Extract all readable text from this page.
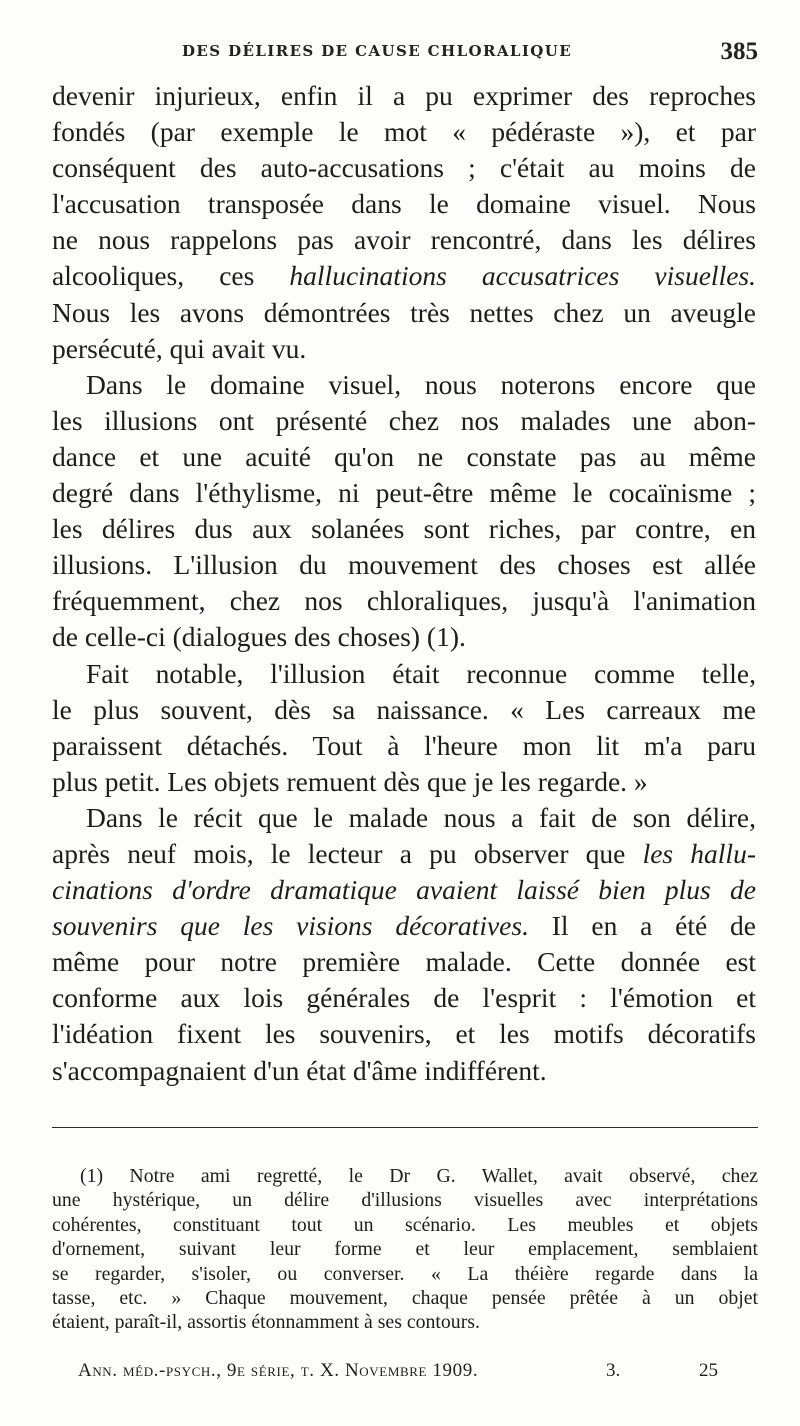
DES DÉLIRES DE CAUSE CHLORALIQUE	385
devenir injurieux, enfin il a pu exprimer des reproches
fondés (par exemple le mot « pédéraste »), et par
conséquent des auto-accusations ; c'était au moins de
l'accusation transposée dans le domaine visuel. Nous
ne nous rappelons pas avoir rencontré, dans les délires
alcooliques, ces hallucinations accusatrices visuelles.
Nous les avons démontrées très nettes chez un aveugle
persécuté, qui avait vu.
Dans le domaine visuel, nous noterons encore que
les illusions ont présenté chez nos malades une abon-
dance et une acuité qu'on ne constate pas au même
degré dans l'éthylisme, ni peut-être même le cocaïnisme ;
les délires dus aux solanées sont riches, par contre, en
illusions. L'illusion du mouvement des choses est allée
fréquemment, chez nos chloraliques, jusqu'à l'animation
de celle-ci (dialogues des choses) (1).
Fait notable, l'illusion était reconnue comme telle,
le plus souvent, dès sa naissance. « Les carreaux me
paraissent détachés. Tout à l'heure mon lit m'a paru
plus petit. Les objets remuent dès que je les regarde. »
Dans le récit que le malade nous a fait de son délire,
après neuf mois, le lecteur a pu observer que les hallu-
cinations d'ordre dramatique avaient laissé bien plus de
souvenirs que les visions décoratives. Il en a été de
même pour notre première malade. Cette donnée est
conforme aux lois générales de l'esprit : l'émotion et
l'idéation fixent les souvenirs, et les motifs décoratifs
s'accompagnaient d'un état d'âme indifférent.
(1) Notre ami regretté, le Dr G. Wallet, avait observé, chez
une hystérique, un délire d'illusions visuelles avec interprétations
cohérentes, constituant tout un scénario. Les meubles et objets
d'ornement, suivant leur forme et leur emplacement, semblaient
se regarder, s'isoler, ou converser. « La théière regarde dans la
tasse, etc. » Chaque mouvement, chaque pensée prêtée à un objet
étaient, paraît-il, assortis étonnamment à ses contours.
Ann. méd.-psych., 9e série, t. X. Novembre 1909.	3.	25
